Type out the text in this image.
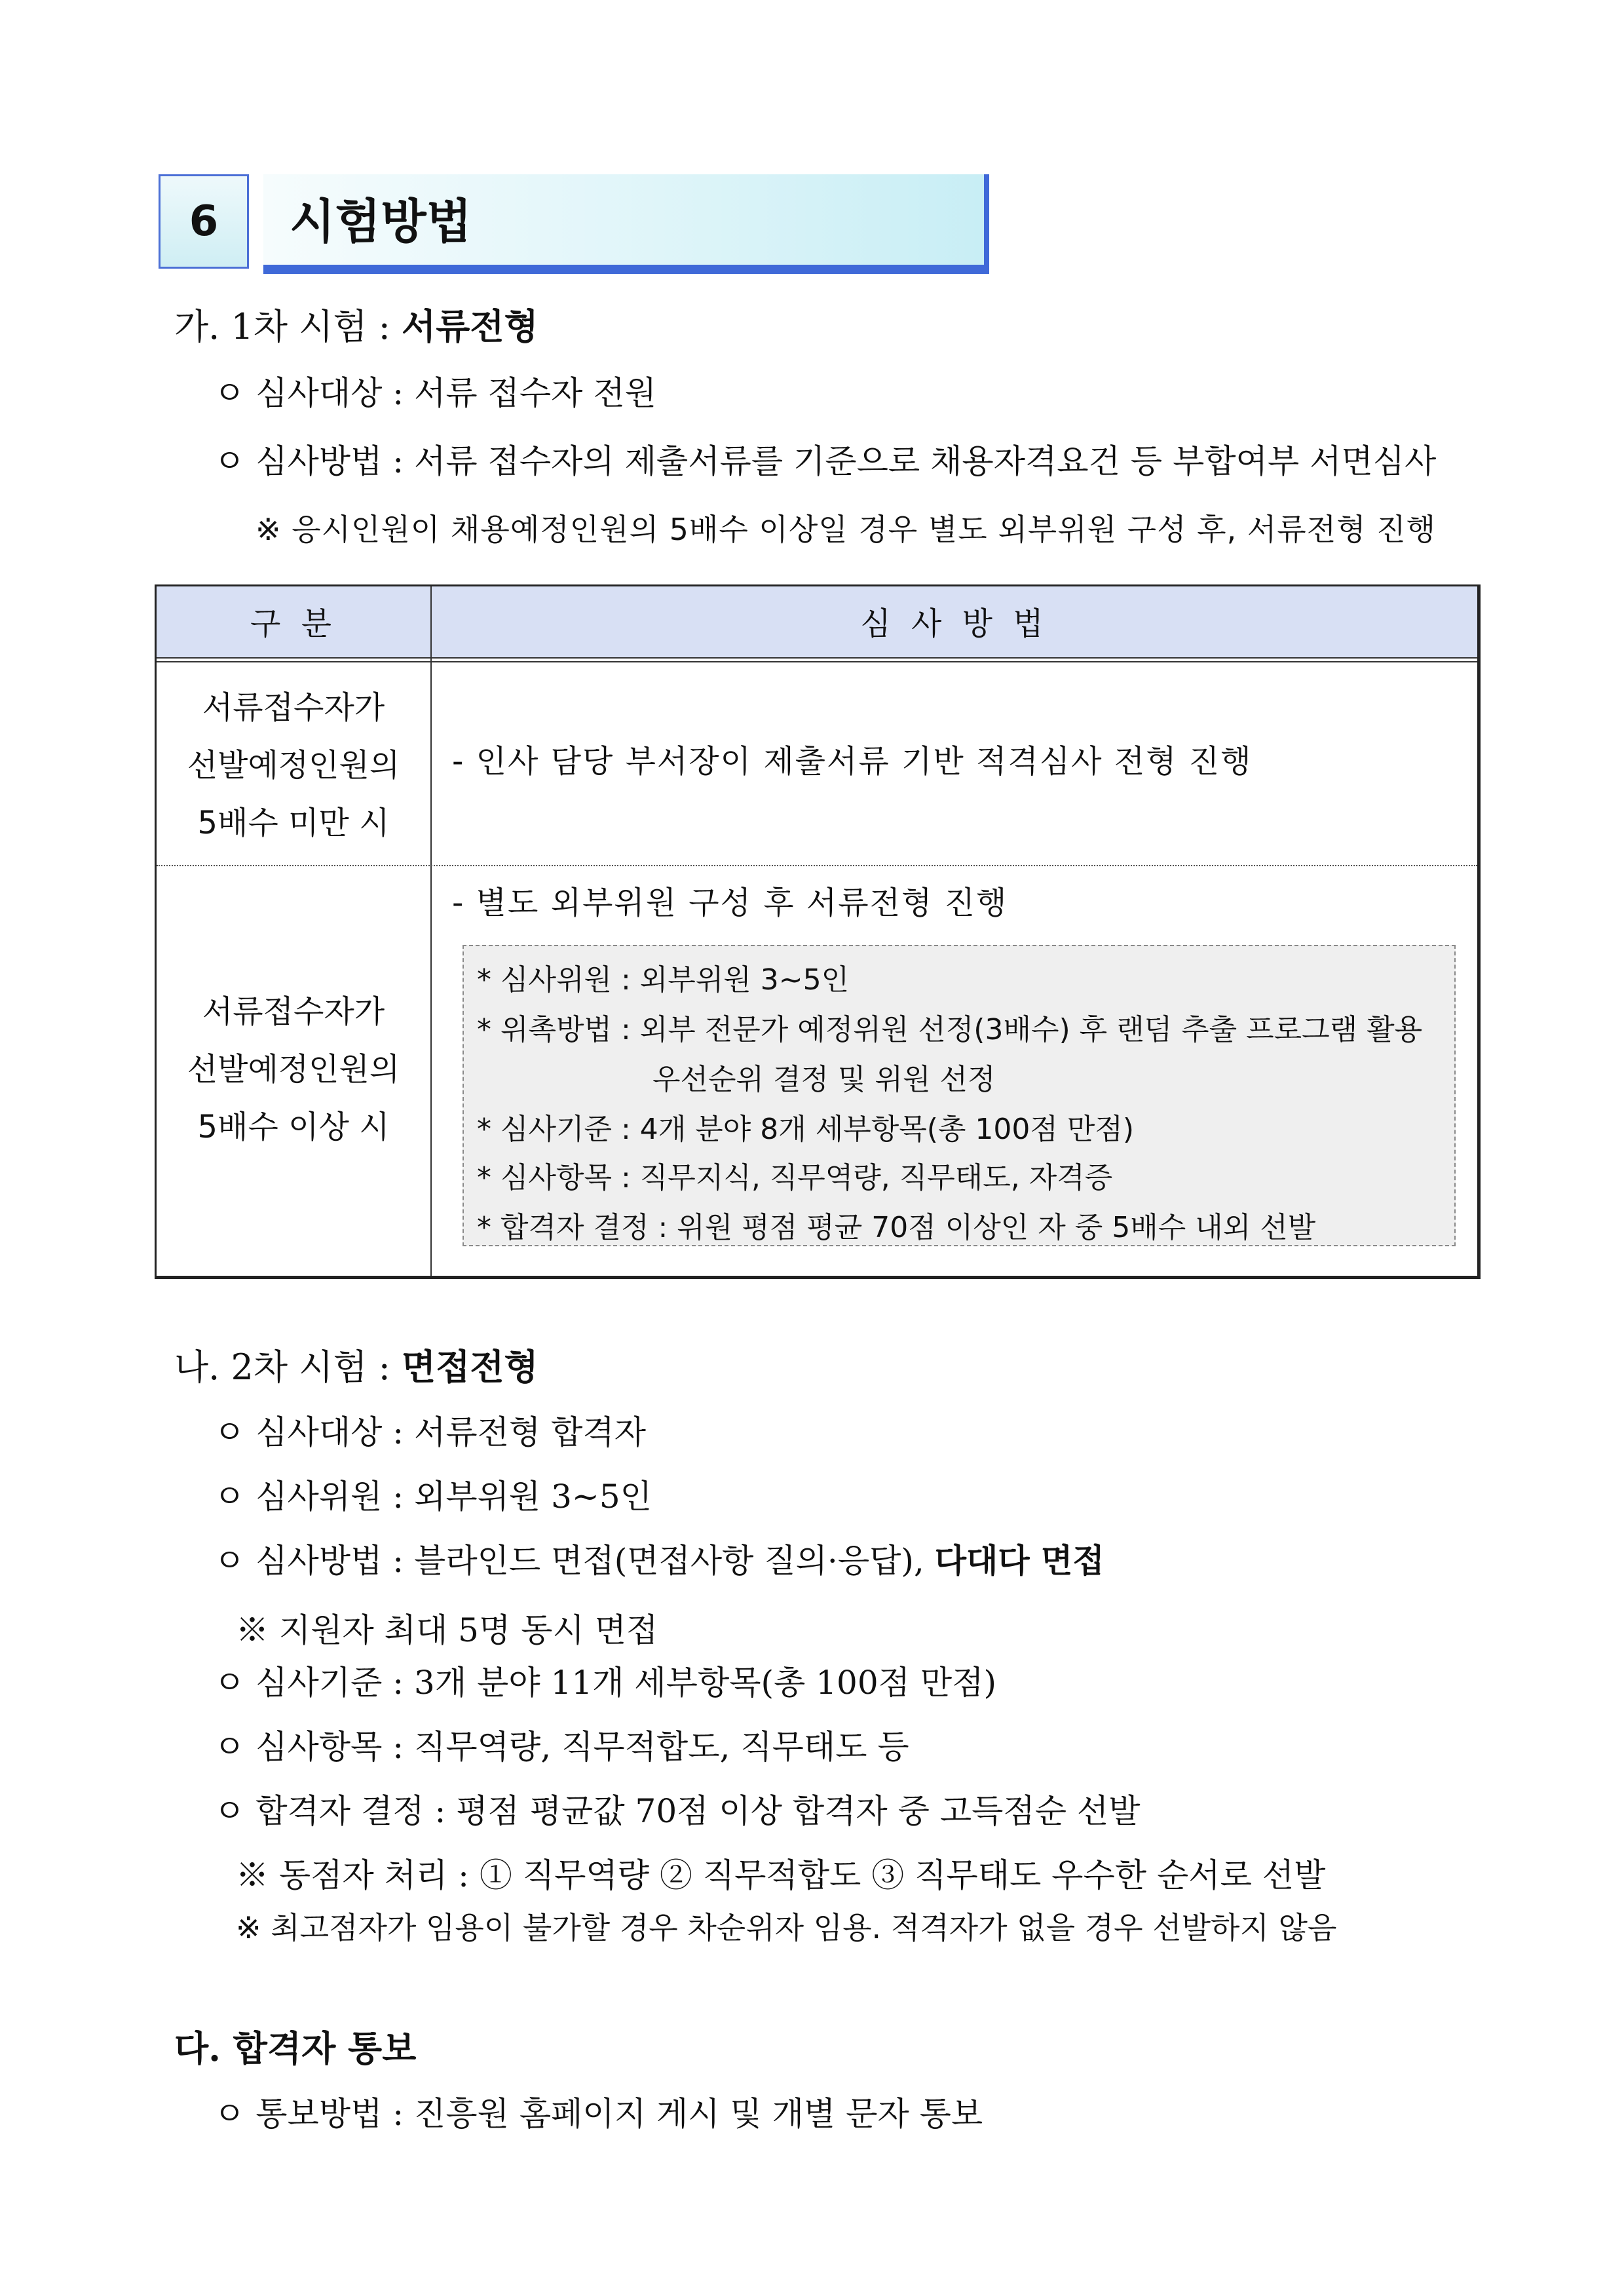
6	시험방법
가. 1차 시험 : 서류전형
ㅇ 심사대상 : 서류 접수자 전원
ㅇ 심사방법 : 서류 접수자의 제출서류를 기준으로 채용자격요건 등 부합여부 서면심사
※ 응시인원이 채용예정인원의 5배수 이상일 경우 별도 외부위원 구성 후, 서류전형 진행
구 분	심 사 방 법
서류접수자가
선발예정인원의
5배수 미만 시
- 인사 담당 부서장이 제출서류 기반 적격심사 전형 진행
- 별도 외부위원 구성 후 서류전형 진행
서류접수자가
선발예정인원의
5배수 이상 시
* 심사위원 : 외부위원 3~5인
* 위촉방법 : 외부 전문가 예정위원 선정(3배수) 후 랜덤 추출 프로그램 활용
우선순위 결정 및 위원 선정
* 심사기준 : 4개 분야 8개 세부항목(총 100점 만점)
* 심사항목 : 직무지식, 직무역량, 직무태도, 자격증
* 합격자 결정 : 위원 평점 평균 70점 이상인 자 중 5배수 내외 선발
나. 2차 시험 : 면접전형
ㅇ 심사대상 : 서류전형 합격자
ㅇ 심사위원 : 외부위원 3~5인
ㅇ 심사방법 : 블라인드 면접(면접사항 질의·응답), 다대다 면접
※ 지원자 최대 5명 동시 면접
ㅇ 심사기준 : 3개 분야 11개 세부항목(총 100점 만점)
ㅇ 심사항목 : 직무역량, 직무적합도, 직무태도 등
ㅇ 합격자 결정 : 평점 평균값 70점 이상 합격자 중 고득점순 선발
※ 동점자 처리 : ① 직무역량 ② 직무적합도 ③ 직무태도 우수한 순서로 선발
※ 최고점자가 임용이 불가할 경우 차순위자 임용. 적격자가 없을 경우 선발하지 않음
다. 합격자 통보
ㅇ 통보방법 : 진흥원 홈페이지 게시 및 개별 문자 통보
